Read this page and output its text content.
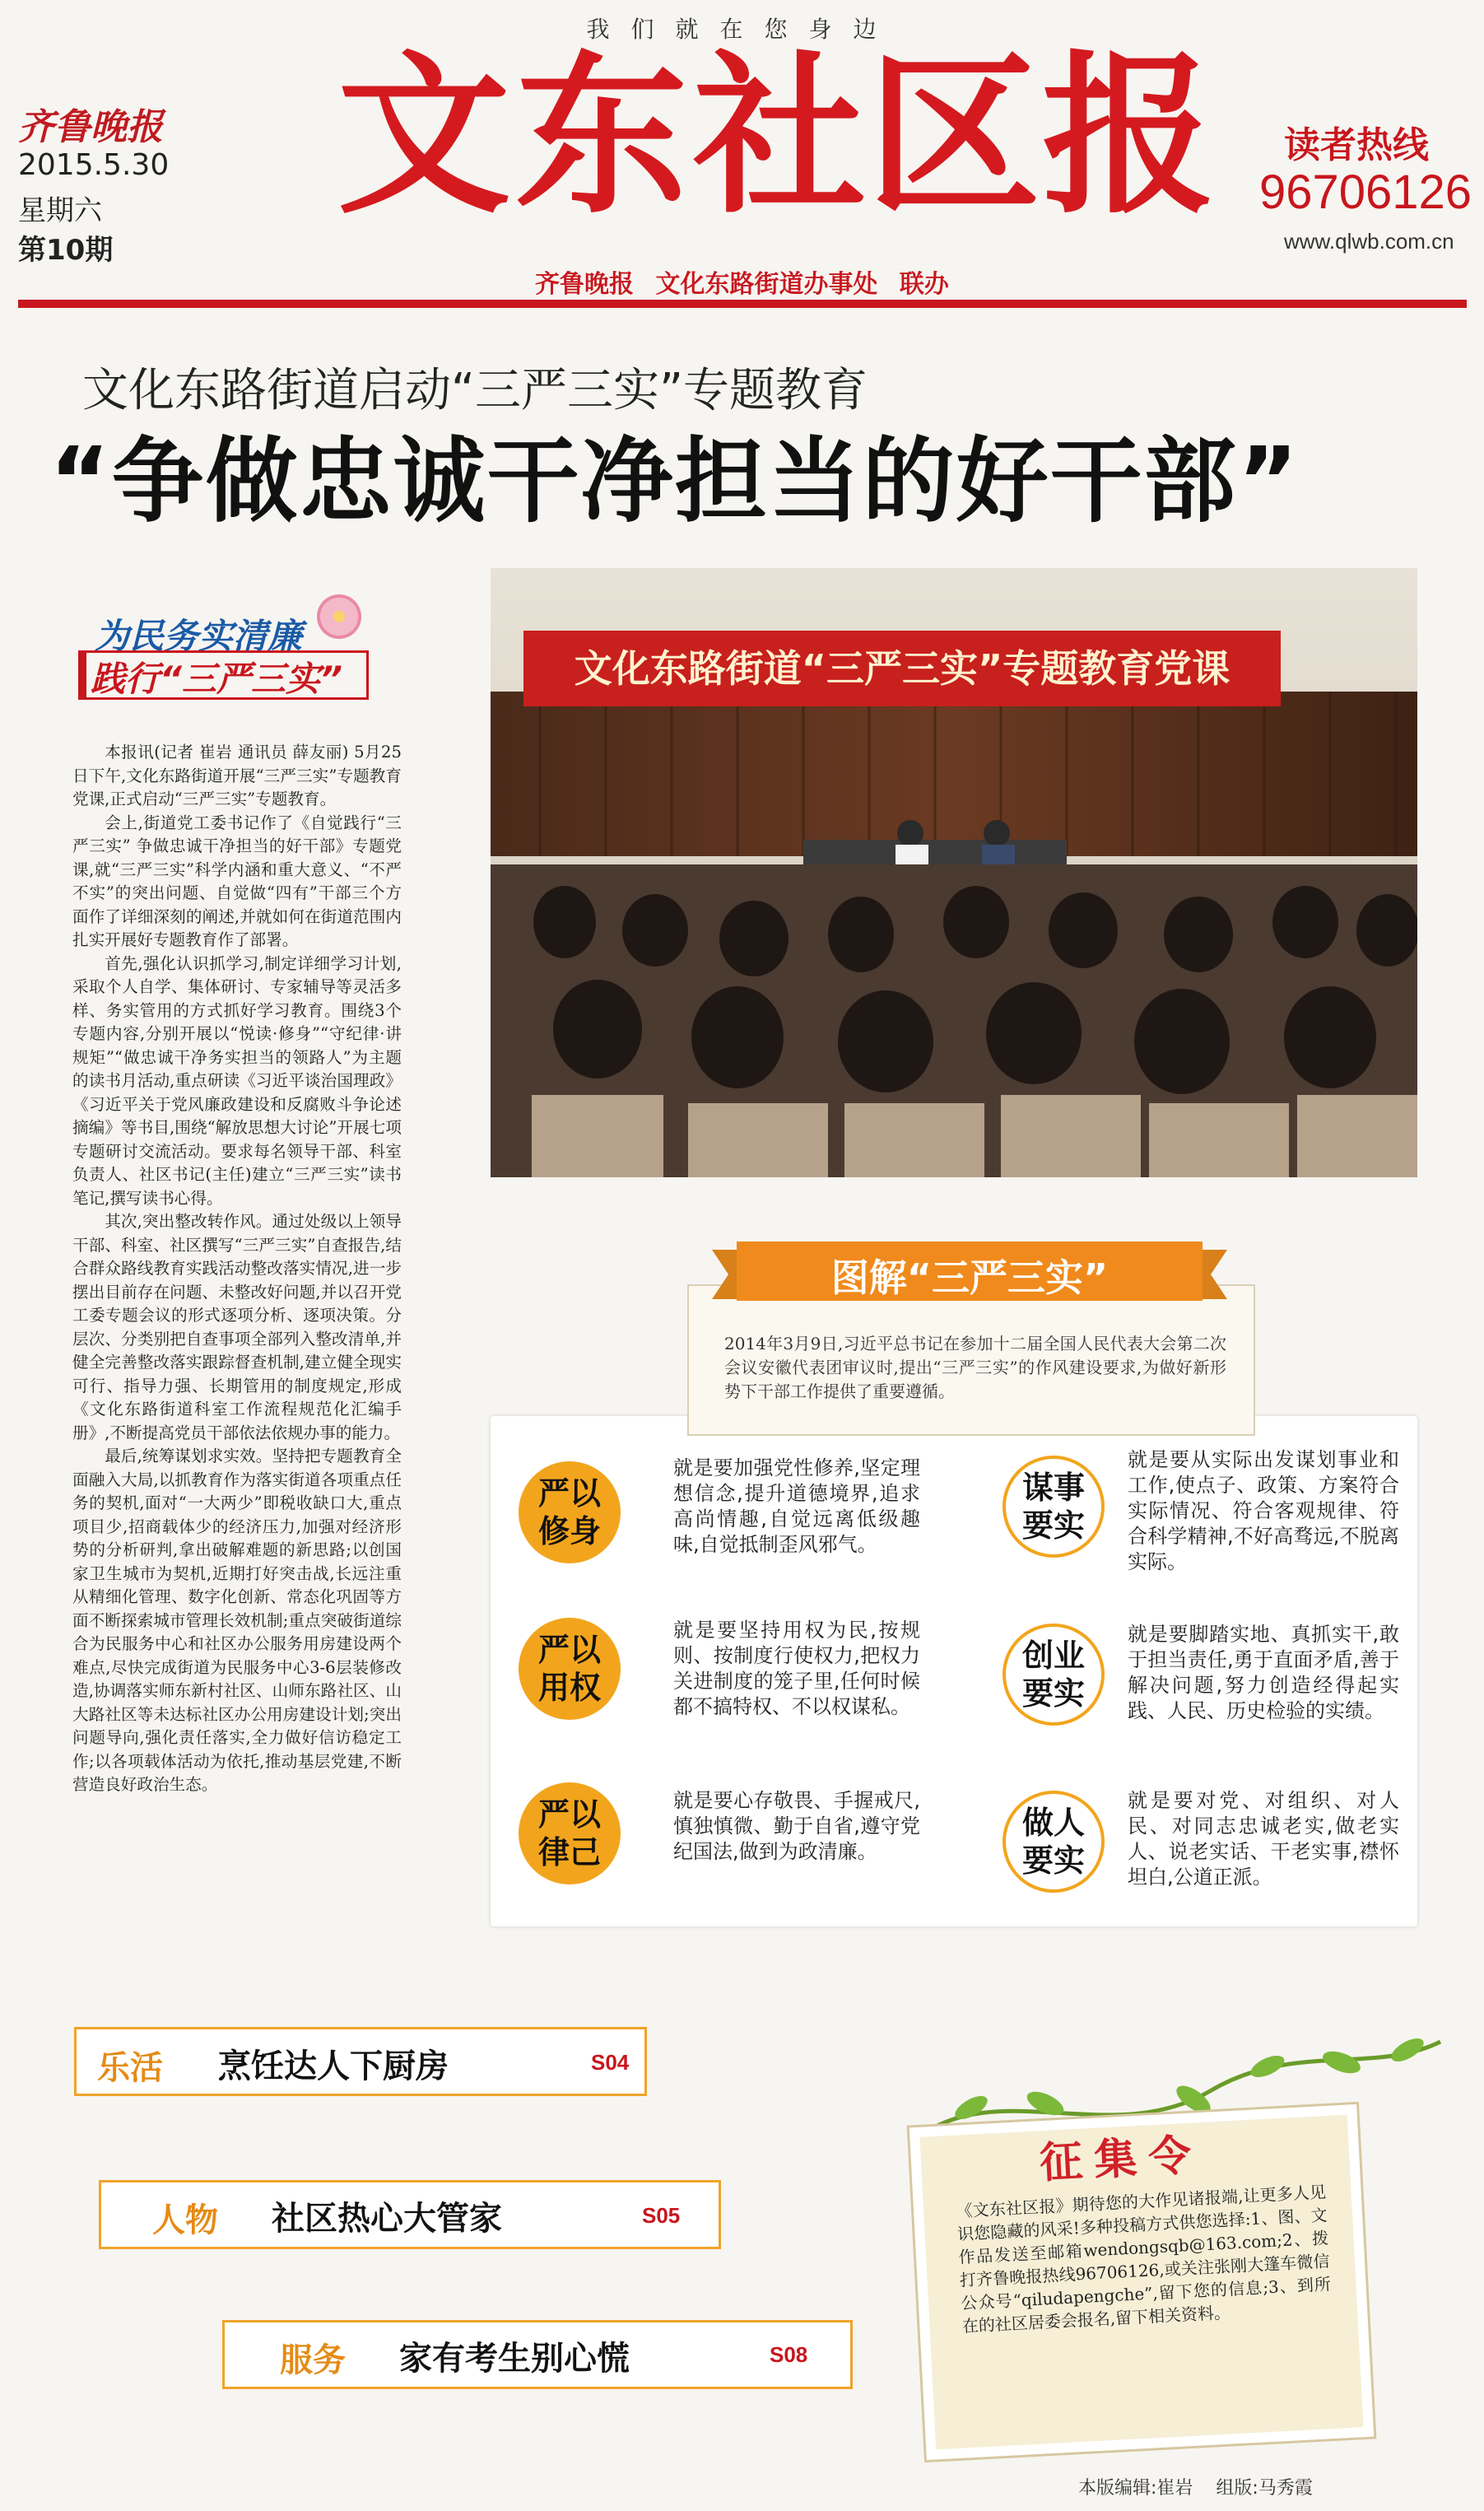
我们就在您身边
齐鲁晚报
2015.5.30
星期六
第10期
文东社区报 读者热线
96706126
www.qlwb.com.cn
齐鲁晚报 文化东路街道办事处 联办
文化东路街道启动“三严三实”专题教育
“争做忠诚干净担当的好干部”
为民务实清廉
践行“三严三实”

本报讯(记者 崔岩 通讯员 薛友丽) 5月25日下午,文化东路街道开展“三严三实”专题教育党课,正式启动“三严三实”专题教育。

会上,街道党工委书记作了《自觉践行“三严三实” 争做忠诚干净担当的好干部》专题党课,就“三严三实”科学内涵和重大意义、“不严不实”的突出问题、自觉做“四有”干部三个方面作了详细深刻的阐述,并就如何在街道范围内扎实开展好专题教育作了部署。

首先,强化认识抓学习,制定详细学习计划,采取个人自学、集体研讨、专家辅导等灵活多样、务实管用的方式抓好学习教育。围绕3个专题内容,分别开展以“悦读·修身”“守纪律·讲规矩”“做忠诚干净务实担当的领路人”为主题的读书月活动,重点研读《习近平谈治国理政》《习近平关于党风廉政建设和反腐败斗争论述摘编》等书目,围绕“解放思想大讨论”开展七项专题研讨交流活动。要求每名领导干部、科室负责人、社区书记(主任)建立“三严三实”读书笔记,撰写读书心得。

其次,突出整改转作风。通过处级以上领导干部、科室、社区撰写“三严三实”自查报告,结合群众路线教育实践活动整改落实情况,进一步摆出目前存在问题、未整改好问题,并以召开党工委专题会议的形式逐项分析、逐项决策。分层次、分类别把自查事项全部列入整改清单,并健全完善整改落实跟踪督查机制,建立健全现实可行、指导力强、长期管用的制度规定,形成《文化东路街道科室工作流程规范化汇编手册》,不断提高党员干部依法依规办事的能力。

最后,统筹谋划求实效。坚持把专题教育全面融入大局,以抓教育作为落实街道各项重点任务的契机,面对“一大两少”即税收缺口大,重点项目少,招商载体少的经济压力,加强对经济形势的分析研判,拿出破解难题的新思路;以创国家卫生城市为契机,近期打好突击战,长远注重从精细化管理、数字化创新、常态化巩固等方面不断探索城市管理长效机制;重点突破街道综合为民服务中心和社区办公服务用房建设两个难点,尽快完成街道为民服务中心3-6层装修改造,协调落实师东新村社区、山师东路社区、山大路社区等未达标社区办公用房建设计划;突出问题导向,强化责任落实,全力做好信访稳定工作;以各项载体活动为依托,推动基层党建,不断营造良好政治生态。

文化东路街道“三严三实”专题教育党课
图解“三严三实”
2014年3月9日,习近平总书记在参加十二届全国人民代表大会第二次会议安徽代表团审议时,提出“三严三实”的作风建设要求,为做好新形势下干部工作提供了重要遵循。
严以
修身
就是要加强党性修养,坚定理想信念,提升道德境界,追求高尚情趣,自觉远离低级趣味,自觉抵制歪风邪气。
严以
用权
就是要坚持用权为民,按规则、按制度行使权力,把权力关进制度的笼子里,任何时候都不搞特权、不以权谋私。
严以
律己
就是要心存敬畏、手握戒尺,慎独慎微、勤于自省,遵守党纪国法,做到为政清廉。
谋事
要实
就是要从实际出发谋划事业和工作,使点子、政策、方案符合实际情况、符合客观规律、符合科学精神,不好高骛远,不脱离实际。
创业
要实
就是要脚踏实地、真抓实干,敢于担当责任,勇于直面矛盾,善于解决问题,努力创造经得起实践、人民、历史检验的实绩。
做人
要实
就是要对党、对组织、对人民、对同志忠诚老实,做老实人、说老实话、干老实事,襟怀坦白,公道正派。
乐活 烹饪达人下厨房	S04
人物 社区热心大管家	S05
服务 家有考生别心慌	S08
征集令
《文东社区报》期待您的大作见诸报端,让更多人见识您隐藏的风采!多种投稿方式供您选择:1、图、文作品发送至邮箱wendongsqb@163.com;2、拨打齐鲁晚报热线96706126,或关注张刚大篷车微信公众号“qiludapengche”,留下您的信息;3、到所在的社区居委会报名,留下相关资料。
本版编辑:崔岩 组版:马秀霞
